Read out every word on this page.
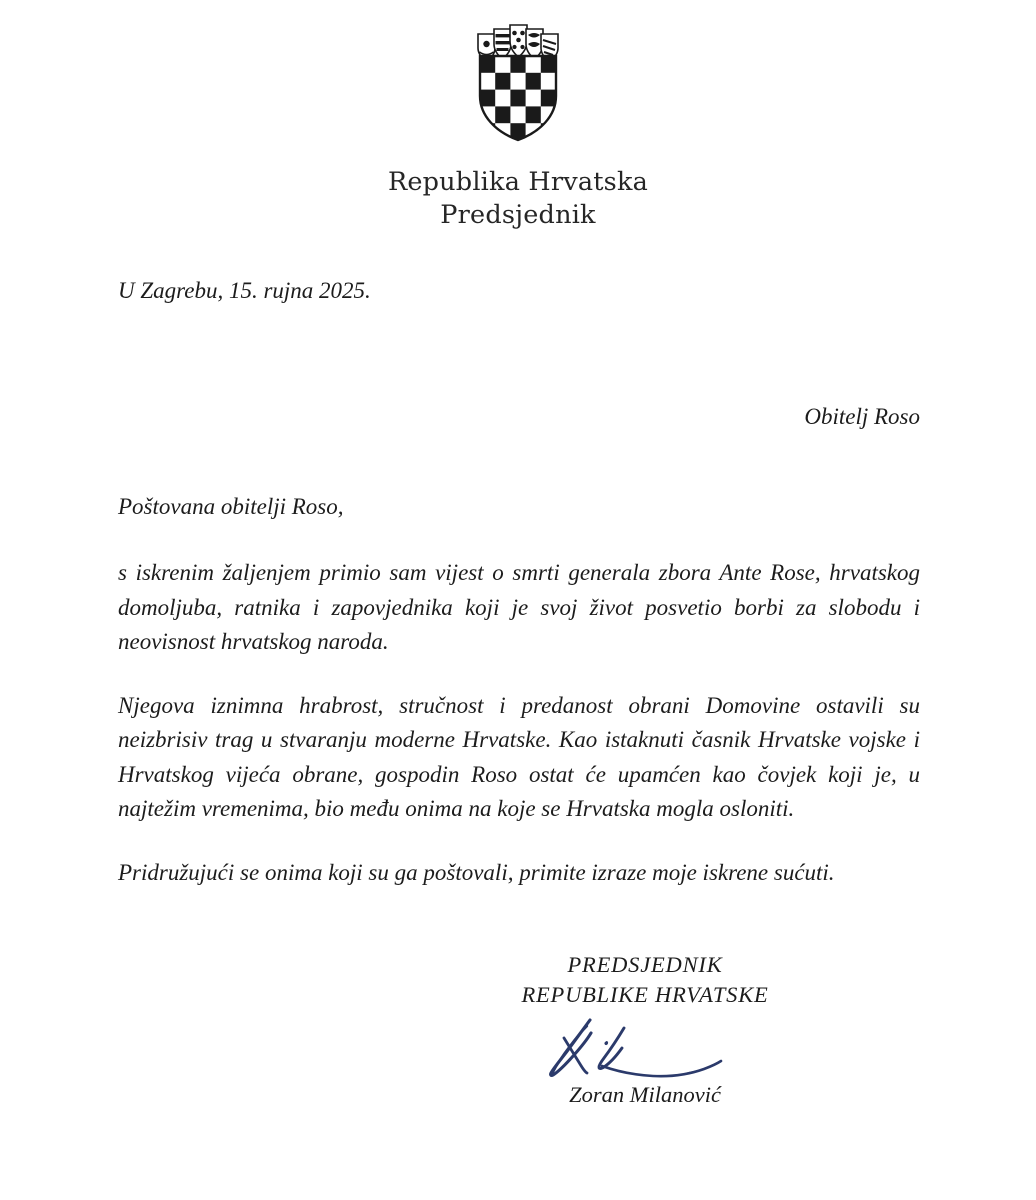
Republika Hrvatska
Predsjednik
U Zagrebu, 15. rujna 2025.
Obitelj Roso
Poštovana obitelji Roso,

s iskrenim žaljenjem primio sam vijest o smrti generala zbora Ante Rose, hrvatskog domoljuba, ratnika i zapovjednika koji je svoj život posvetio borbi za slobodu i neovisnost hrvatskog naroda.

Njegova iznimna hrabrost, stručnost i predanost obrani Domovine ostavili su neizbrisiv trag u stvaranju moderne Hrvatske. Kao istaknuti časnik Hrvatske vojske i Hrvatskog vijeća obrane, gospodin Roso ostat će upamćen kao čovjek koji je, u najtežim vremenima, bio među onima na koje se Hrvatska mogla osloniti.

Pridružujući se onima koji su ga poštovali, primite izraze moje iskrene sućuti.

PREDSJEDNIK
REPUBLIKE HRVATSKE
Zoran Milanović
